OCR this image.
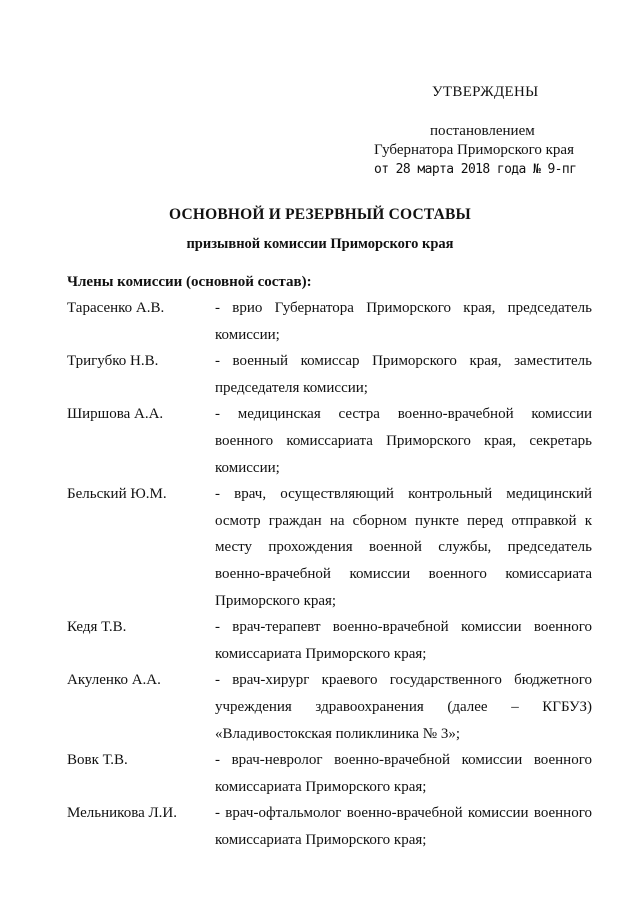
УТВЕРЖДЕНЫ
постановлением
Губернатора Приморского края
от 28 марта 2018 года № 9-пг
ОСНОВНОЙ И РЕЗЕРВНЫЙ СОСТАВЫ
призывной комиссии Приморского края
Члены комиссии (основной состав):
Тарасенко А.В.	- врио Губернатора Приморского края, председатель комиссии;
Тригубко Н.В.	- военный комиссар Приморского края, заместитель председателя комиссии;
Ширшова А.А.	- медицинская сестра военно-врачебной комиссии военного комиссариата Приморского края, секретарь комиссии;
Бельский Ю.М.	- врач, осуществляющий контрольный медицинский осмотр граждан на сборном пункте перед отправкой к месту прохождения военной службы, председатель военно-врачебной комиссии военного комиссариата Приморского края;
Кедя Т.В.	- врач-терапевт военно-врачебной комиссии военного комиссариата Приморского края;
Акуленко А.А.	- врач-хирург краевого государственного бюджетного учреждения здравоохранения (далее – КГБУЗ) «Владивостокская поликлиника № 3»;
Вовк Т.В.	- врач-невролог военно-врачебной комиссии военного комиссариата Приморского края;
Мельникова Л.И.	- врач-офтальмолог военно-врачебной комиссии военного комиссариата Приморского края;
